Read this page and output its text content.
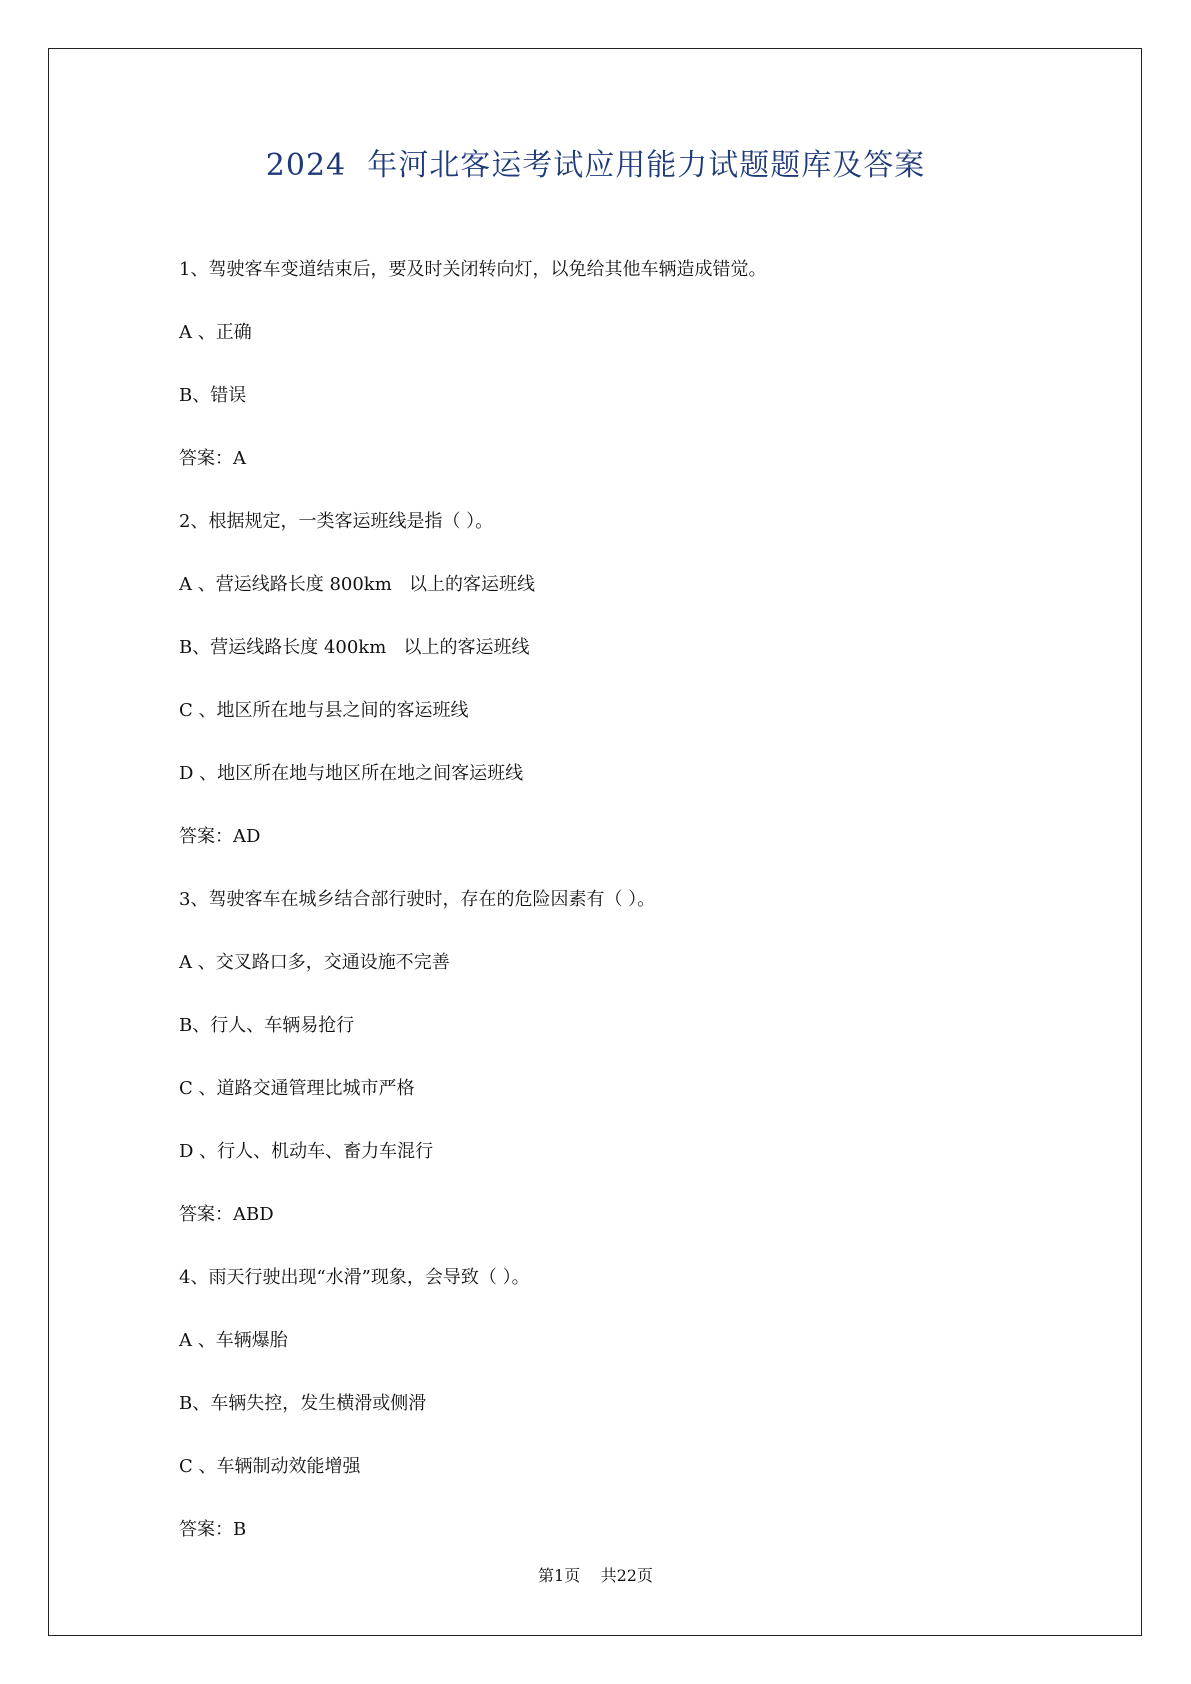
2024  年河北客运考试应用能力试题题库及答案
1、驾驶客车变道结束后，要及时关闭转向灯，以免给其他车辆造成错觉。
A 、正确
B、错误
答案：A
2、根据规定，一类客运班线是指（ ）。
A 、营运线路长度 800km   以上的客运班线
B、营运线路长度 400km   以上的客运班线
C 、地区所在地与县之间的客运班线
D 、地区所在地与地区所在地之间客运班线
答案：AD
3、驾驶客车在城乡结合部行驶时，存在的危险因素有（ ）。
A 、交叉路口多，交通设施不完善
B、行人、车辆易抢行
C 、道路交通管理比城市严格
D 、行人、机动车、畜力车混行
答案：ABD
4、雨天行驶出现“水滑”现象，会导致（ ）。
A 、车辆爆胎
B、车辆失控，发生横滑或侧滑
C 、车辆制动效能增强
答案：B
第1页    共22页
